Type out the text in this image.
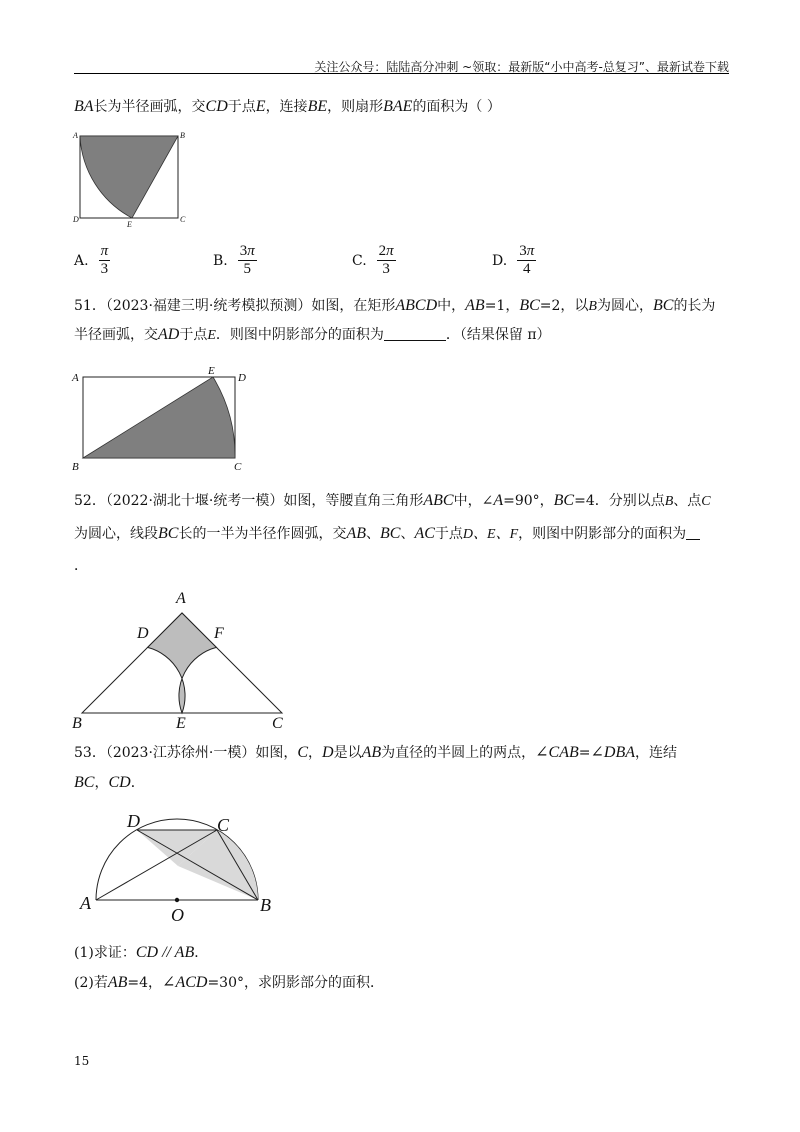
关注公众号：陆陆高分冲刺 ~领取：最新版“小中高考-总复习”、最新试卷下载
BA长为半径画弧，交CD于点E，连接BE，则扇形BAE的面积为（ ）
A	B
C
D
E
A. $\frac{\pi}{3}$	B. $\frac{3\pi}{5}$	C. $\frac{2\pi}{3}$	D. $\frac{3\pi}{4}$
51．（2023·福建三明·统考模拟预测）如图，在矩形ABCD中，AB=1，BC=2，以B为圆心，BC的长为
半径画弧，交AD于点E．则图中阴影部分的面积为	．（结果保留 π）
A
E
D
B	C
52．（2022·湖北十堰·统考一模）如图，等腰直角三角形ABC中，∠A=90°，BC=4．分别以点B、点C
为圆心，线段BC长的一半为半径作圆弧，交AB、BC、AC于点D、E、F，则图中阴影部分的面积为
．
A
D	F
B	E	C
53．（2023·江苏徐州·一模）如图，C，D是以AB为直径的半圆上的两点，∠CAB=∠DBA，连结
BC，CD．
D	C
A	B
O
(1)求证：CD // AB．
(2)若AB=4，∠ACD=30°，求阴影部分的面积．
15
